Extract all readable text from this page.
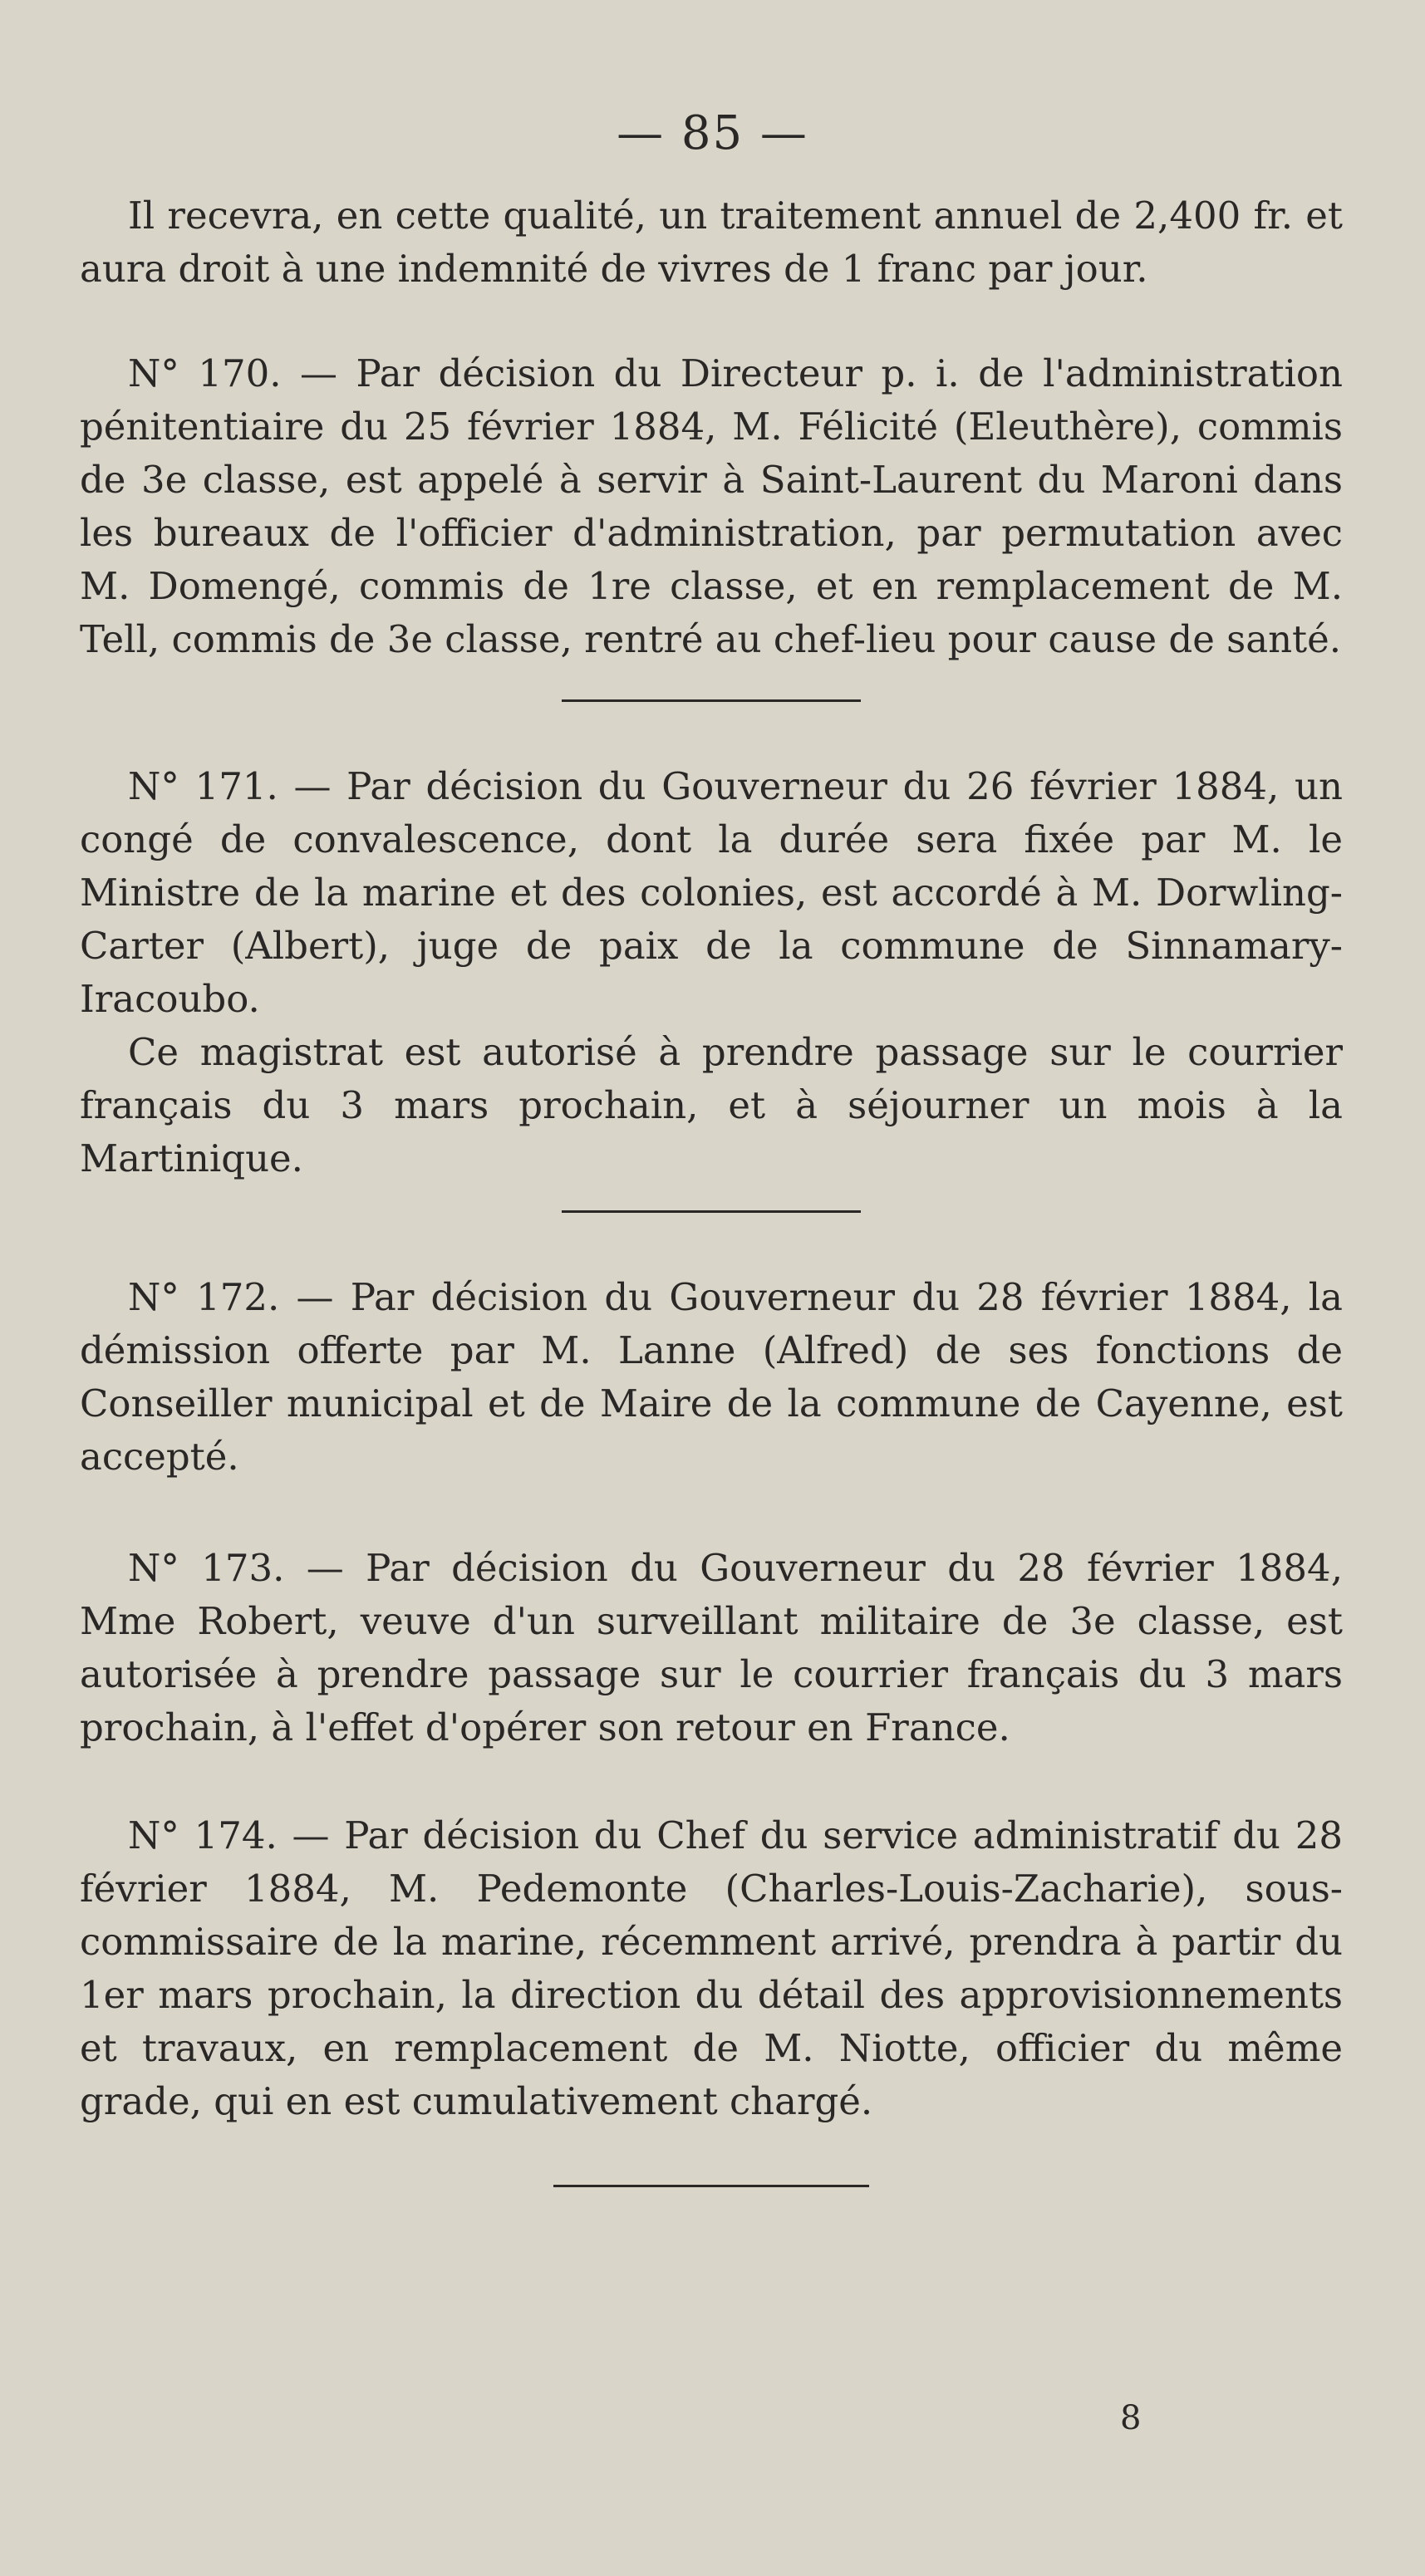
— 85 —

Il recevra, en cette qualité, un traitement annuel de 2,400 fr. et aura droit à une indemnité de vivres de 1 franc par jour.

N° 170. — Par décision du Directeur p. i. de l'administration pénitentiaire du 25 février 1884, M. Félicité (Eleuthère), commis de 3e classe, est appelé à servir à Saint-Laurent du Maroni dans les bureaux de l'officier d'administration, par permutation avec M. Domengé, commis de 1re classe, et en remplacement de M. Tell, commis de 3e classe, rentré au chef-lieu pour cause de santé.

N° 171. — Par décision du Gouverneur du 26 février 1884, un congé de convalescence, dont la durée sera fixée par M. le Ministre de la marine et des colonies, est accordé à M. Dorwling-Carter (Albert), juge de paix de la commune de Sinnamary-Iracoubo.

Ce magistrat est autorisé à prendre passage sur le courrier français du 3 mars prochain, et à séjourner un mois à la Martinique.

N° 172. — Par décision du Gouverneur du 28 février 1884, la démission offerte par M. Lanne (Alfred) de ses fonctions de Conseiller municipal et de Maire de la commune de Cayenne, est accepté.

N° 173. — Par décision du Gouverneur du 28 février 1884, Mme Robert, veuve d'un surveillant militaire de 3e classe, est autorisée à prendre passage sur le courrier français du 3 mars prochain, à l'effet d'opérer son retour en France.

N° 174. — Par décision du Chef du service administratif du 28 février 1884, M. Pedemonte (Charles-Louis-Zacharie), sous-commissaire de la marine, récemment arrivé, prendra à partir du 1er mars prochain, la direction du détail des approvisionnements et travaux, en remplacement de M. Niotte, officier du même grade, qui en est cumulativement chargé.

8
